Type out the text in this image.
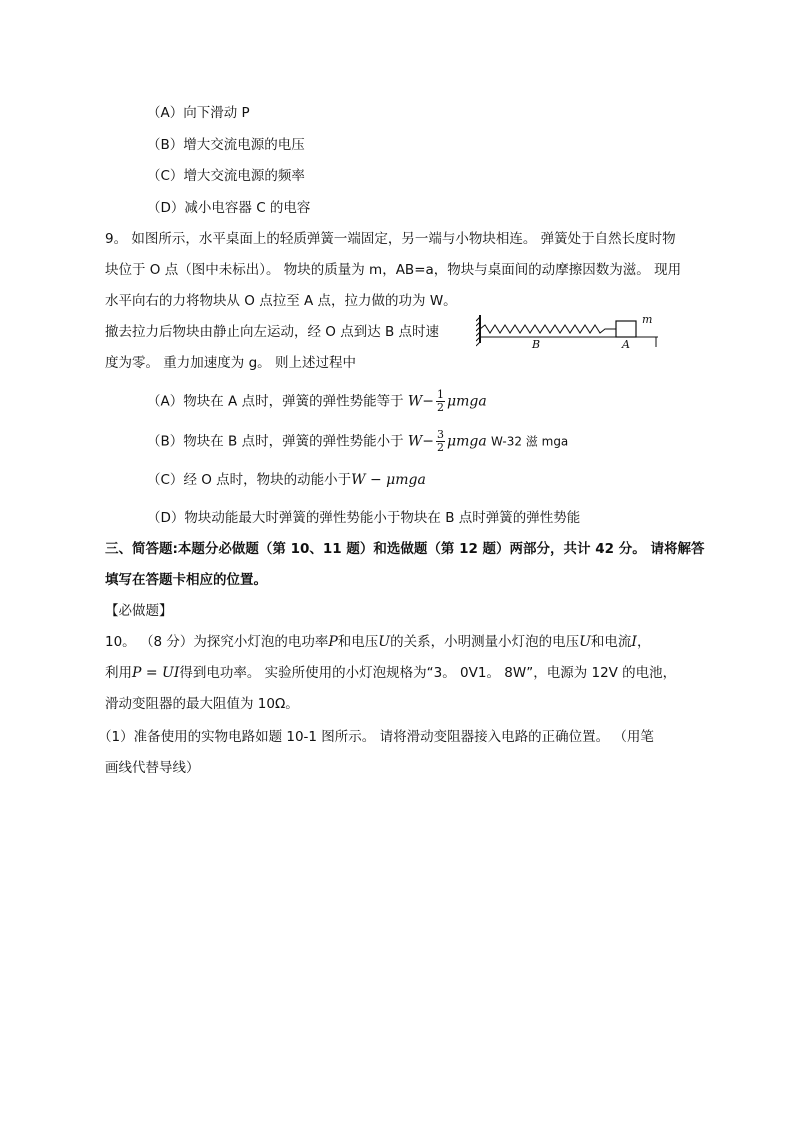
（A）向下滑动 P
（B）增大交流电源的电压
（C）增大交流电源的频率
（D）减小电容器 C 的电容
9。 如图所示，水平桌面上的轻质弹簧一端固定，另一端与小物块相连。 弹簧处于自然长度时物
块位于 O 点（图中未标出）。 物块的质量为 m，AB=a，物块与桌面间的动摩擦因数为滋。 现用
水平向右的力将物块从 O 点拉至 A 点，拉力做的功为 W。
撤去拉力后物块由静止向左运动，经 O 点到达 B 点时速
度为零。 重力加速度为 g。 则上述过程中
B	A
m
（A）物块在 A 点时，弹簧的弹性势能等于 $W- \frac{1}{2}$ μmga
（B）物块在 B 点时，弹簧的弹性势能小于 $W- \frac{3}{2}$ μmga W-32 滋 mga
（C）经 O 点时，物块的动能小于W − μmga
（D）物块动能最大时弹簧的弹性势能小于物块在 B 点时弹簧的弹性势能
三、简答题:本题分必做题（第 10、11 题）和选做题（第 12 题）两部分，共计 42 分。 请将解答
填写在答题卡相应的位置。
【必做题】
10。 （8 分）为探究小灯泡的电功率P和电压U的关系，小明测量小灯泡的电压U和电流I，
利用P = UI得到电功率。 实验所使用的小灯泡规格为“3。 0V1。 8W”，电源为 12V 的电池，
滑动变阻器的最大阻值为 10Ω。
（1）准备使用的实物电路如题 10-1 图所示。 请将滑动变阻器接入电路的正确位置。 （用笔
画线代替导线）
